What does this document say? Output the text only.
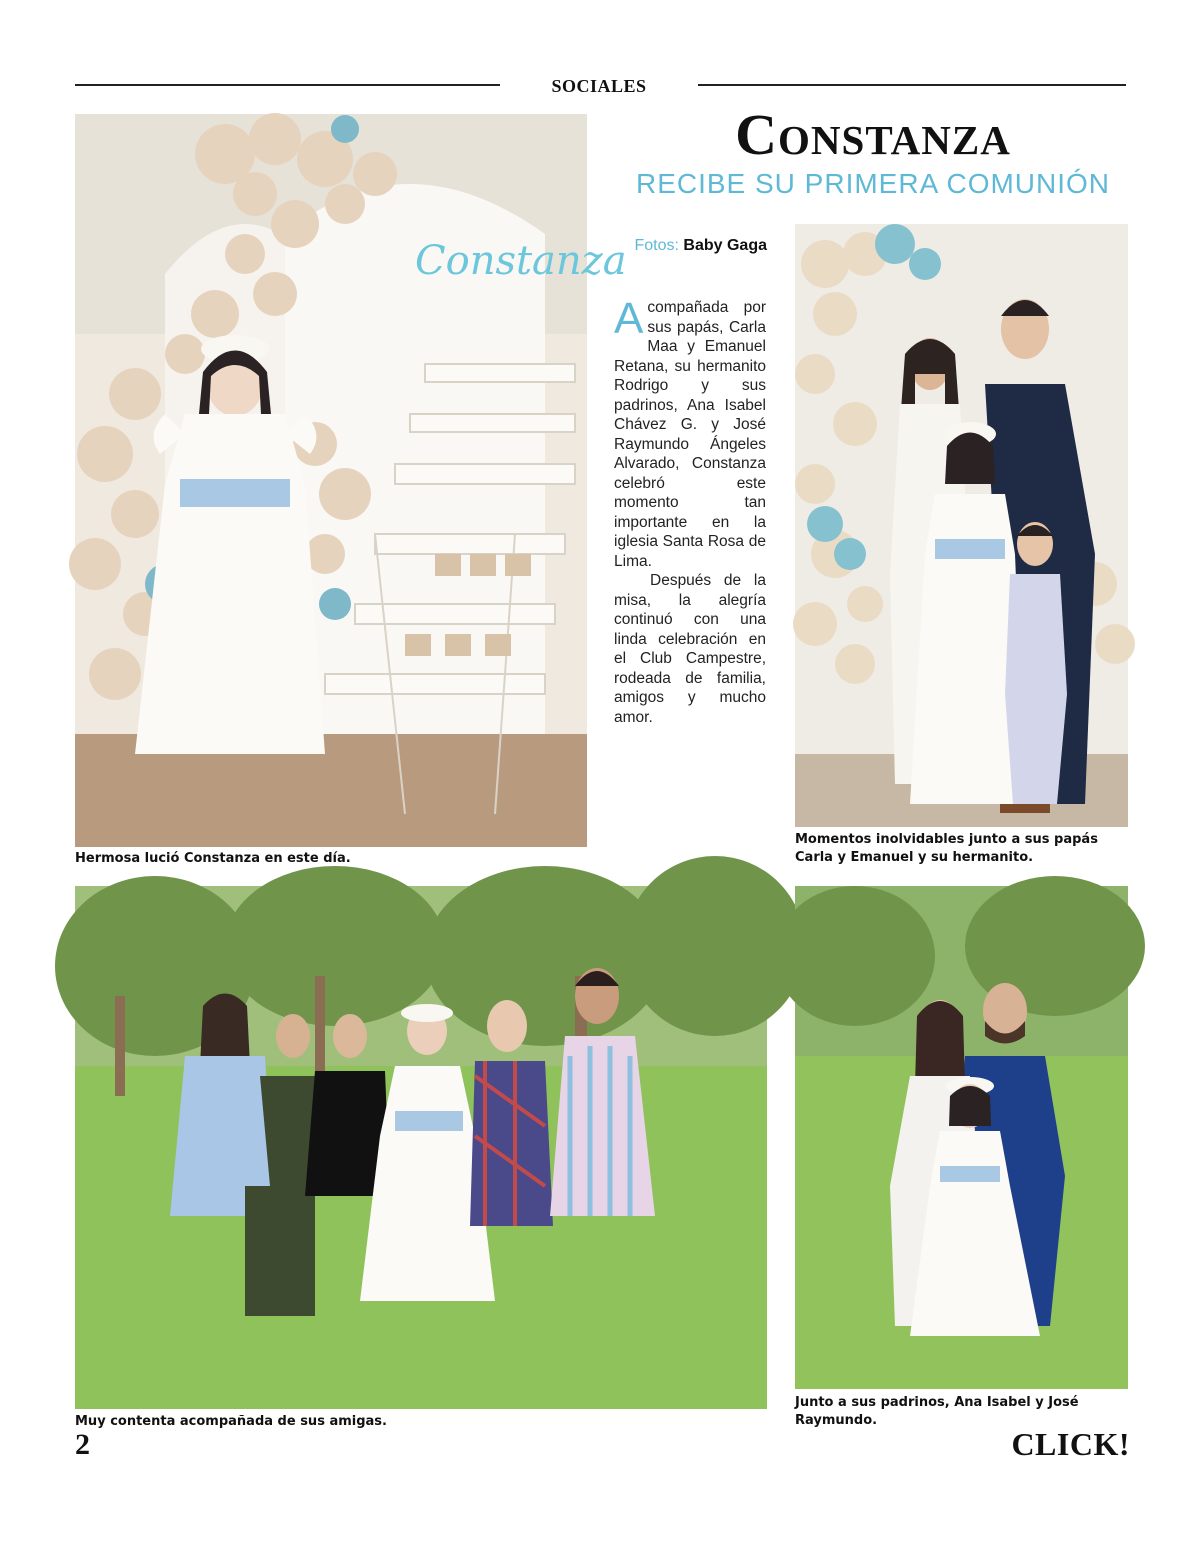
SOCIALES
Constanza
Constanza
RECIBE SU PRIMERA COMUNIÓN
Fotos: Baby Gaga

Acompañada por sus papás, Carla Maa y Emanuel Retana, su hermanito Rodrigo y sus padrinos, Ana Isabel Chávez G. y José Raymundo Ángeles Alvarado, Constanza celebró este momento tan importante en la iglesia Santa Rosa de Lima.

Después de la misa, la alegría continuó con una linda celebración en el Club Campestre, rodeada de familia, amigos y mucho amor.

Hermosa lució Constanza en este día.
Momentos inolvidables junto a sus papás Carla y Emanuel y su hermanito.
Muy contenta acompañada de sus amigas.
Junto a sus padrinos, Ana Isabel y José Raymundo.
2	CLICK!
